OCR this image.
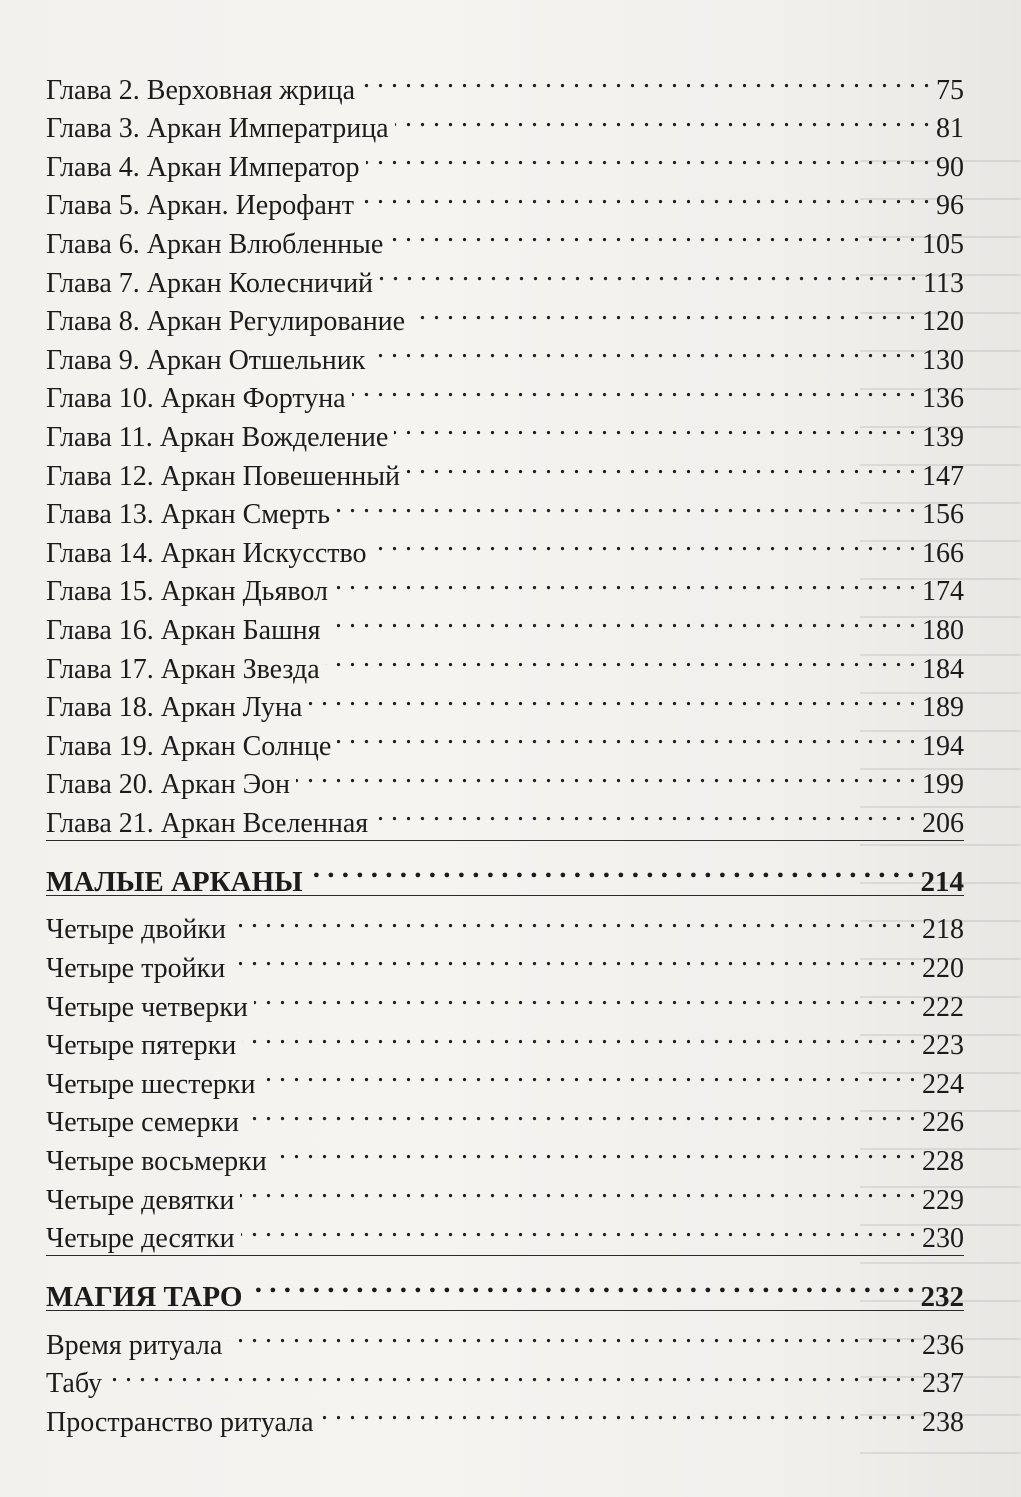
Глава 2. Верховная жрица . . .	75
Глава 3. Аркан Императрица . . .	81
Глава 4. Аркан Император . . .	90
Глава 5. Аркан. Иерофант . . .	96
Глава 6. Аркан Влюбленные . . .	105
Глава 7. Аркан Колесничий . . .	113
Глава 8. Аркан Регулирование . . .	120
Глава 9. Аркан Отшельник . . .	130
Глава 10. Аркан Фортуна . . .	136
Глава 11. Аркан Вожделение . . .	139
Глава 12. Аркан Повешенный . . .	147
Глава 13. Аркан Смерть . . .	156
Глава 14. Аркан Искусство . . .	166
Глава 15. Аркан Дьявол . . .	174
Глава 16. Аркан Башня . . .	180
Глава 17. Аркан Звезда . . .	184
Глава 18. Аркан Луна . . .	189
Глава 19. Аркан Солнце . . .	194
Глава 20. Аркан Эон . . .	199
Глава 21. Аркан Вселенная . . .	206
МАЛЫЕ АРКАНЫ . . .	214
Четыре двойки . . .	218
Четыре тройки . . .	220
Четыре четверки . . .	222
Четыре пятерки . . .	223
Четыре шестерки . . .	224
Четыре семерки . . .	226
Четыре восьмерки . . .	228
Четыре девятки . . .	229
Четыре десятки . . .	230
МАГИЯ ТАРО . . .	232
Время ритуала . . .	236
Табу . . .	237
Пространство ритуала . . .	238
